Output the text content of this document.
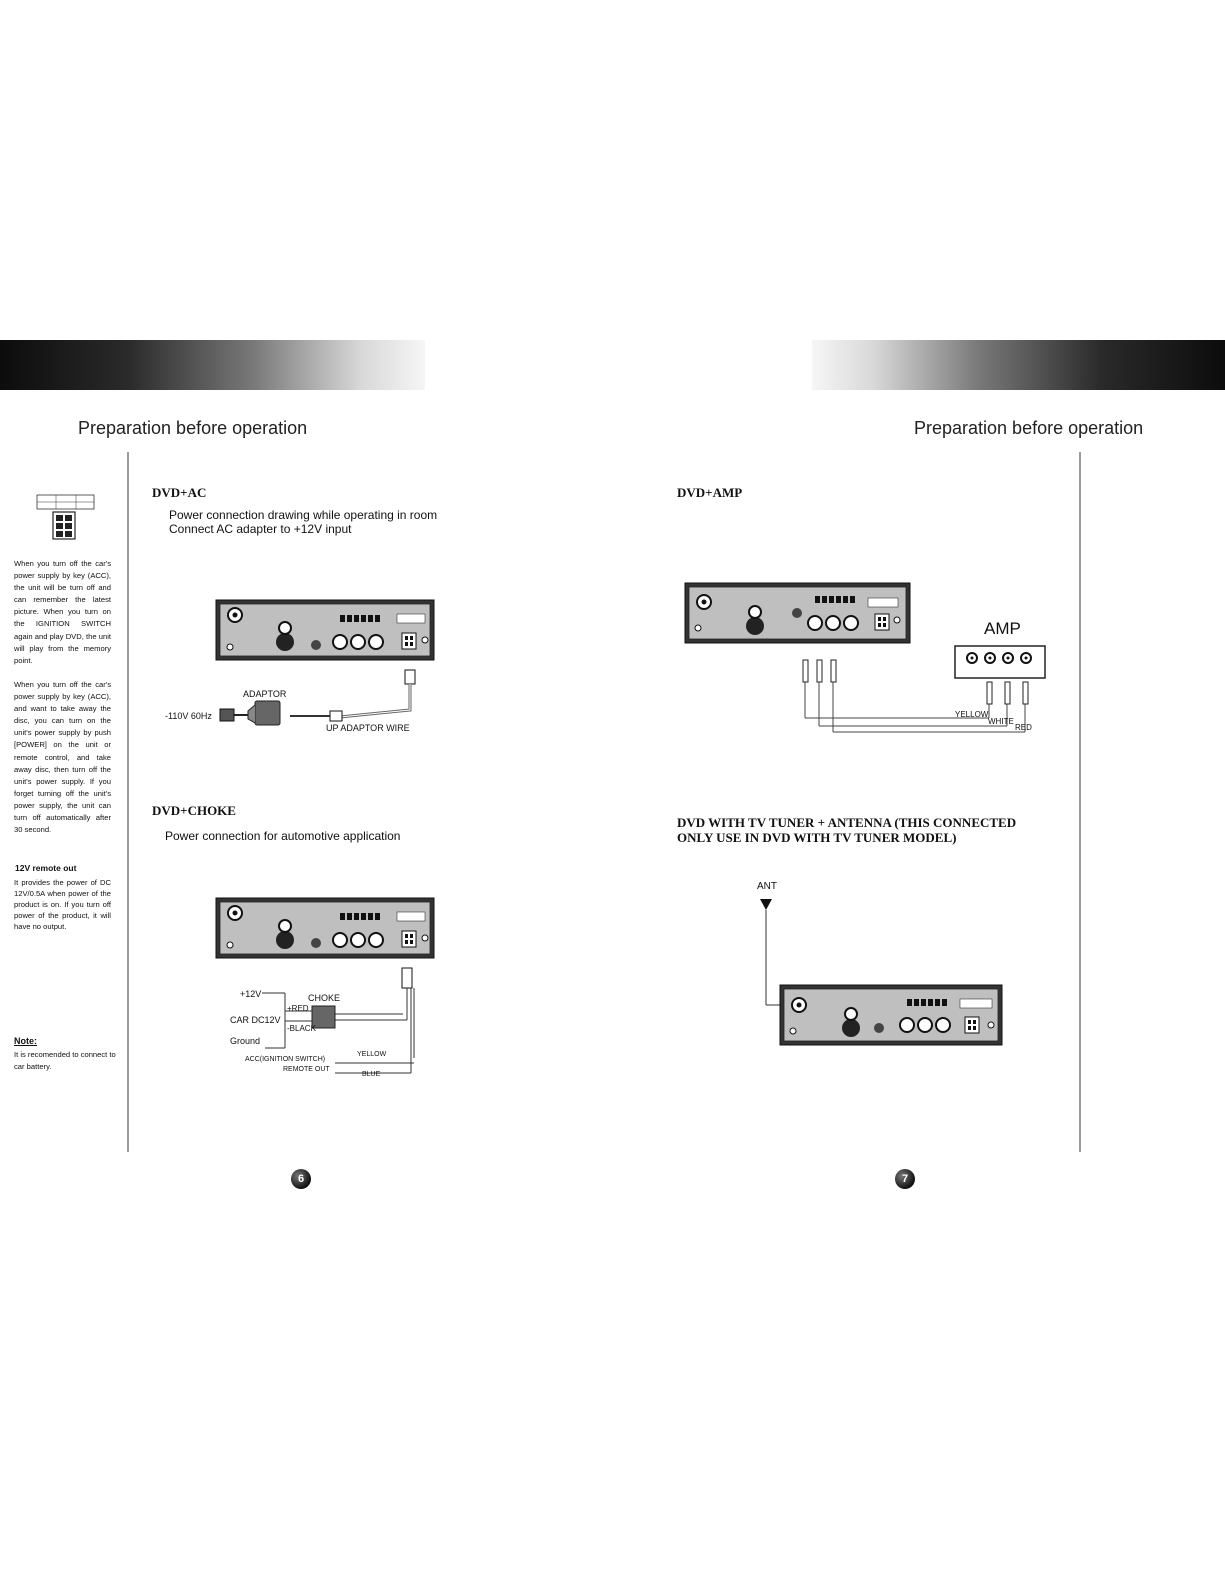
Preparation before operation	Preparation before operation
When you turn off the car's power supply by key (ACC), the unit will be turn off and can remember the latest picture. When you turn on the IGNITION SWITCH again and play DVD, the unit will play from the memory point.
When you turn off the car's power supply by key (ACC), and want to take away the disc, you can turn on the unit's power supply by push [POWER] on the unit or remote control, and take away disc, then turn off the unit's power supply. If you forget turning off the unit's power supply, the unit can turn off automatically after 30 second.
12V remote out
It provides the power of DC 12V/0.5A when power of the product is on. If you turn off power of the product, it will have no output.
Note:
It is recomended to connect to car battery.
DVD+AC
Power connection drawing while operating in room
Connect AC adapter to +12V input
ADAPTOR
-110V 60Hz
UP ADAPTOR WIRE
DVD+CHOKE
Power connection for automotive application
+12V	CHOKE
+RED
CAR DC12V
-BLACK
Ground
ACC(IGNITION SWITCH)
YELLOW
REMOTE OUT
BLUE
6
DVD+AMP
AMP
YELLOW
WHITE
RED
DVD WITH TV TUNER + ANTENNA (THIS CONNECTED
ONLY USE IN DVD WITH TV TUNER MODEL)
ANT
7
